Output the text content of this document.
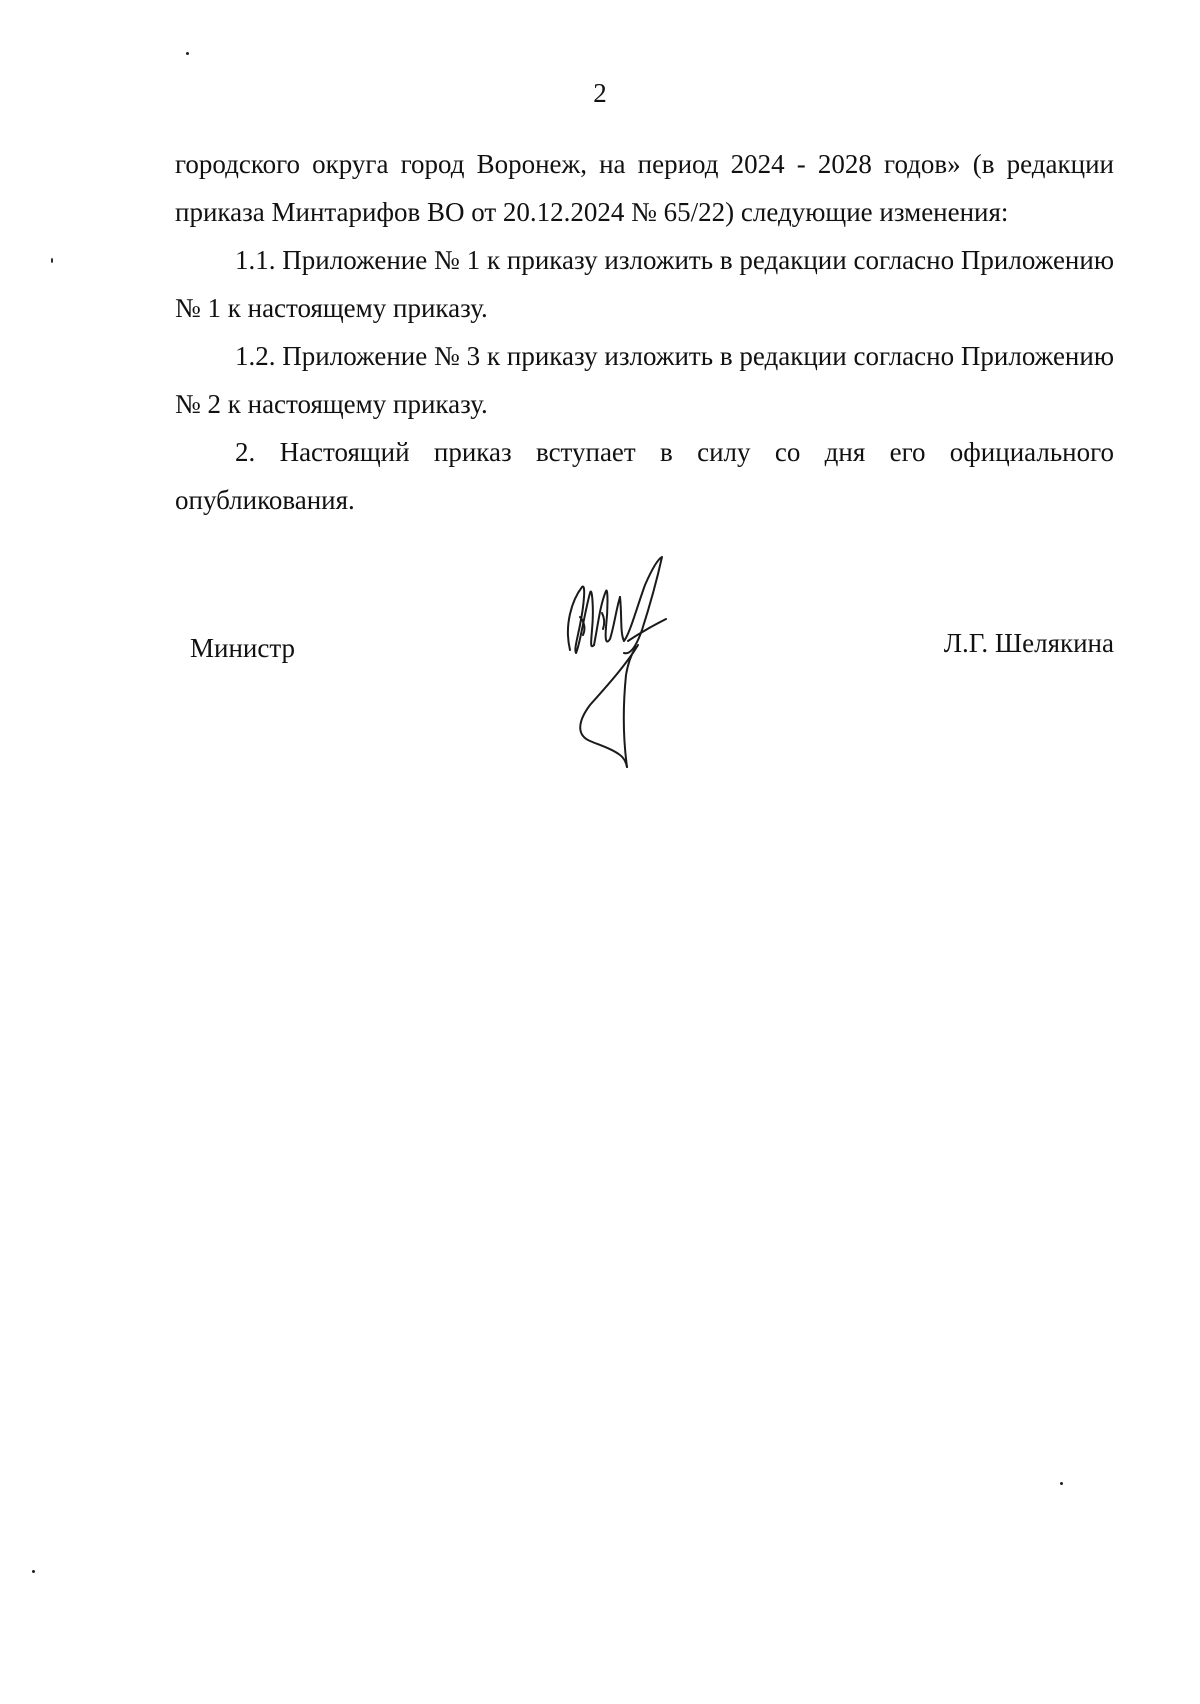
2

городского округа город Воронеж, на период 2024 - 2028 годов» (в редакции приказа Минтарифов ВО от 20.12.2024 № 65/22) следующие изменения:

1.1. Приложение № 1 к приказу изложить в редакции согласно Приложению № 1 к настоящему приказу.

1.2. Приложение № 3 к приказу изложить в редакции согласно Приложению № 2 к настоящему приказу.

2. Настоящий приказ вступает в силу со дня его официального опубликования.

Министр	Л.Г. Шелякина
